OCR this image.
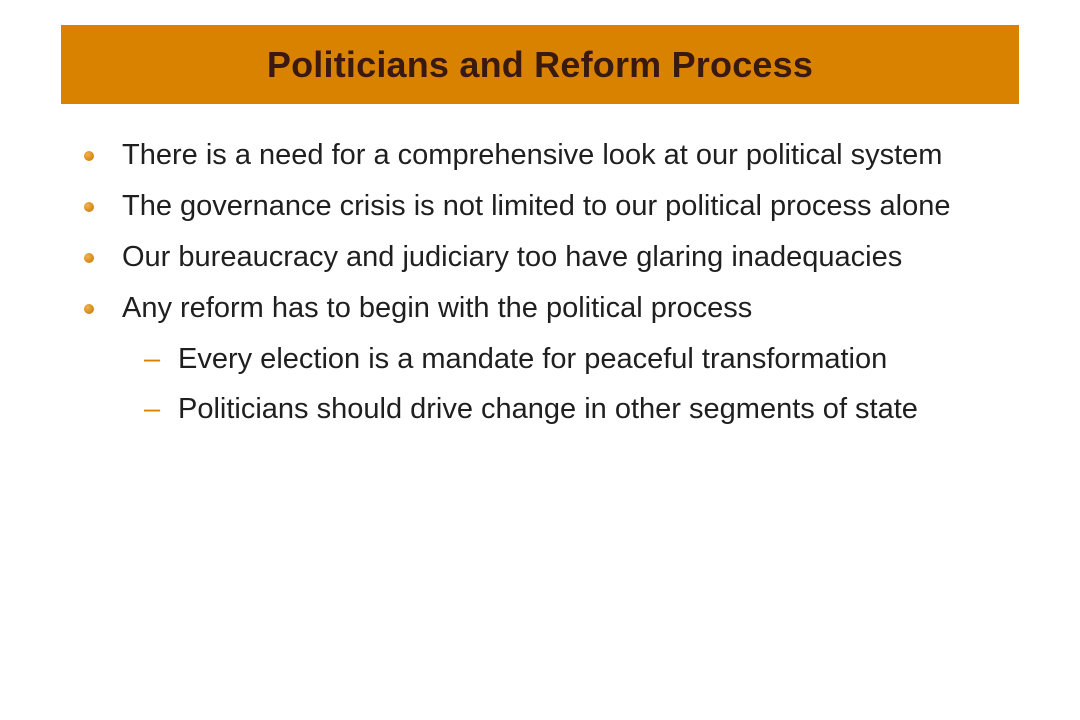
Politicians and Reform Process
There is a need for a comprehensive look at our political system
The governance crisis is not limited to our political process alone
Our bureaucracy and judiciary too have glaring inadequacies
Any reform has to begin with the political process
– Every election is a mandate for peaceful transformation
– Politicians should drive change in other segments of state
